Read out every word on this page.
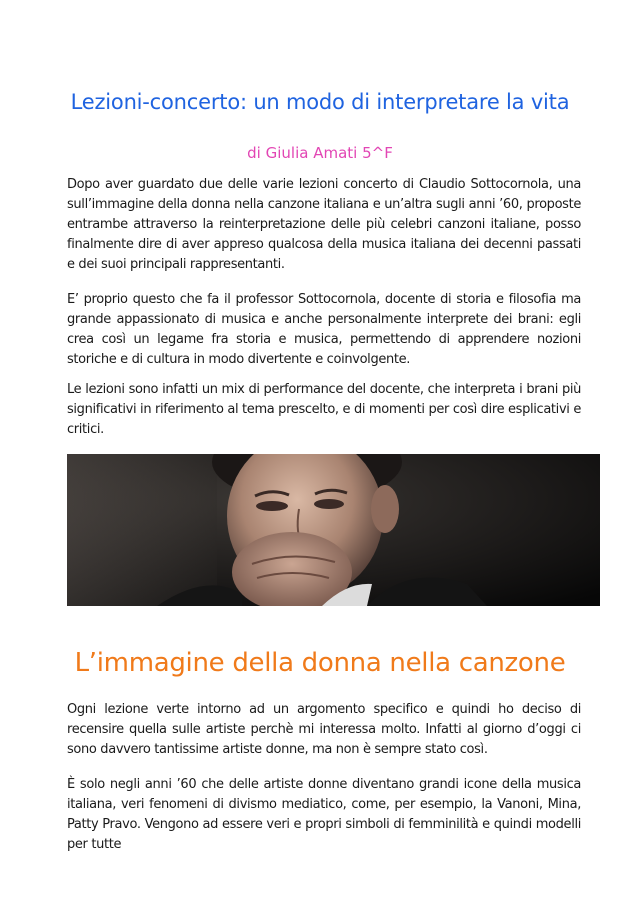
Lezioni-concerto: un modo di interpretare la vita

di Giulia Amati 5^F

Dopo aver guardato due delle varie lezioni concerto di Claudio Sottocornola, una sull’immagine della donna nella canzone italiana e un’altra sugli anni ’60, proposte entrambe attraverso la reinterpretazione delle più celebri canzoni italiane, posso finalmente dire di aver appreso qualcosa della musica italiana dei decenni passati e dei suoi principali rappresentanti.

E’ proprio questo che fa il professor Sottocornola, docente di storia e filosofia ma grande appassionato di musica e anche personalmente interprete dei brani: egli crea così un legame fra storia e musica, permettendo di apprendere nozioni storiche e di cultura in modo divertente e coinvolgente.

Le lezioni sono infatti un mix di performance del docente, che interpreta i brani più significativi in riferimento al tema prescelto, e di momenti per così dire esplicativi e critici.

L’immagine della donna nella canzone

Ogni lezione verte intorno ad un argomento specifico e quindi ho deciso di recensire quella sulle artiste perchè mi interessa molto. Infatti al giorno d’oggi ci sono davvero tantissime artiste donne, ma non è sempre stato così.

È solo negli anni ’60 che delle artiste donne diventano grandi icone della musica italiana, veri fenomeni di divismo mediatico, come, per esempio, la Vanoni, Mina, Patty Pravo. Vengono ad essere veri e propri simboli di femminilità e quindi modelli per tutte
